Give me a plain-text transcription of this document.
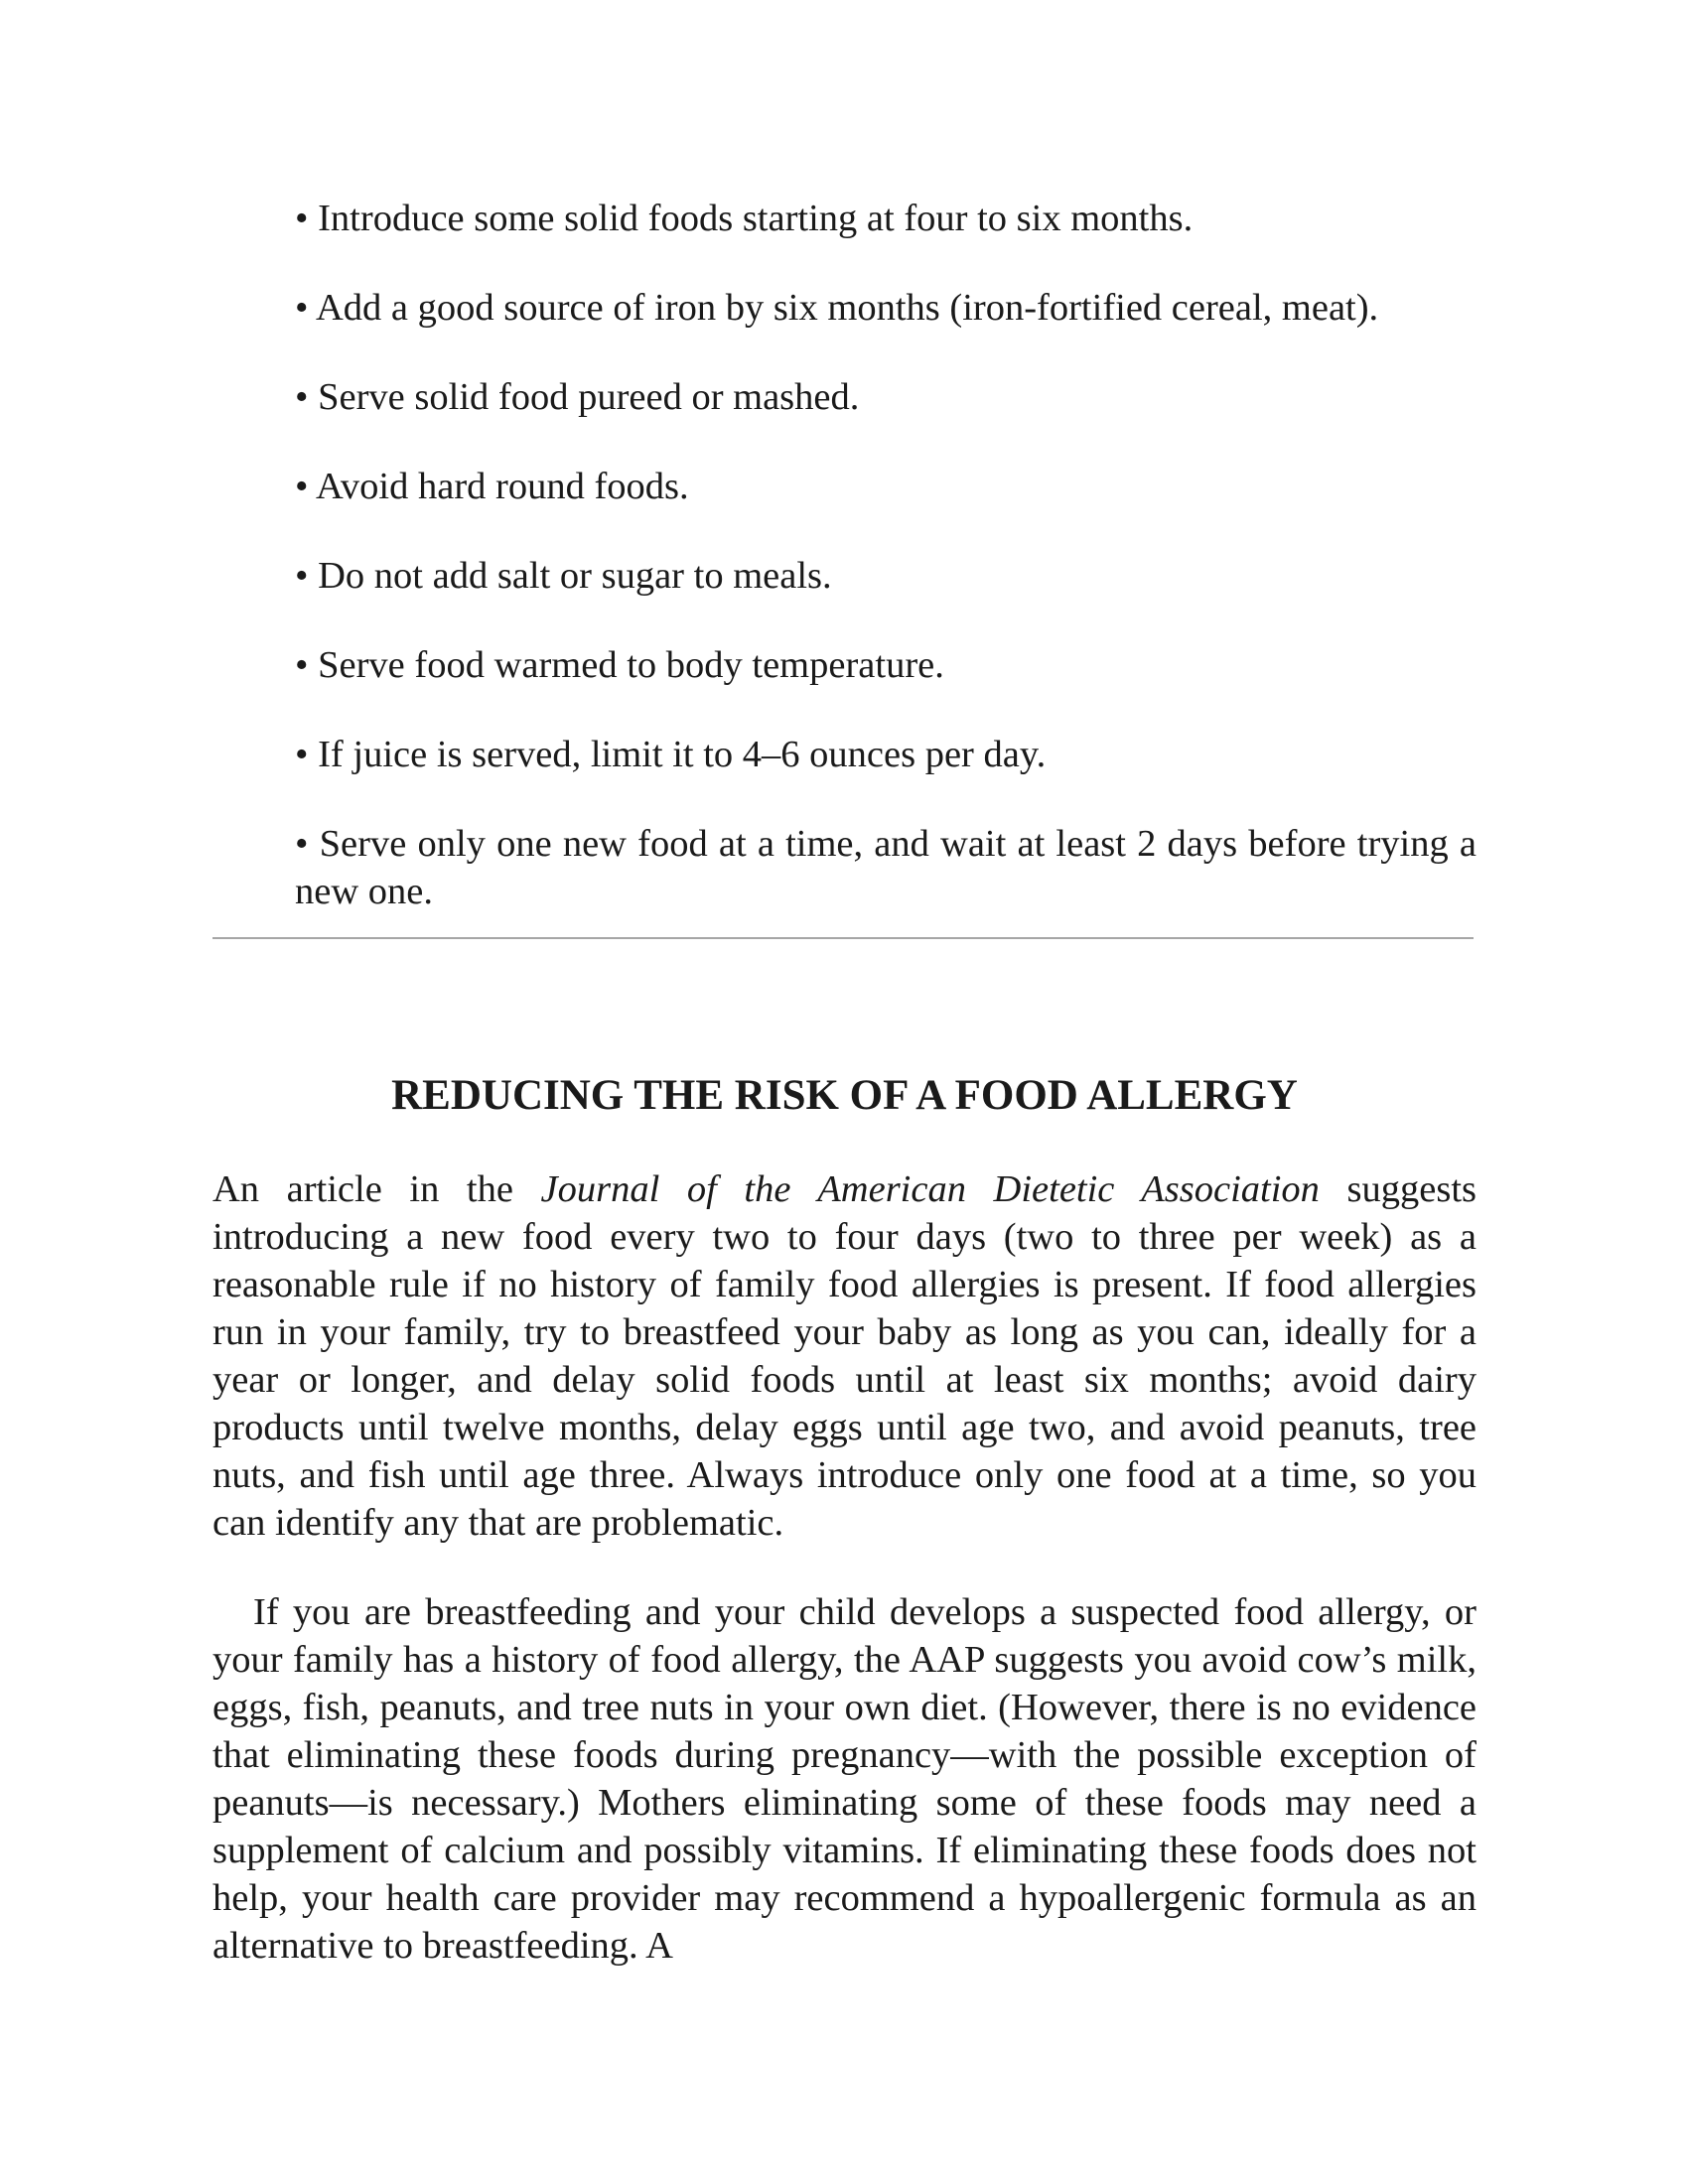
• Introduce some solid foods starting at four to six months.
• Add a good source of iron by six months (iron-fortified cereal, meat).
• Serve solid food pureed or mashed.
• Avoid hard round foods.
• Do not add salt or sugar to meals.
• Serve food warmed to body temperature.
• If juice is served, limit it to 4–6 ounces per day.
• Serve only one new food at a time, and wait at least 2 days before trying a new one.
REDUCING THE RISK OF A FOOD ALLERGY

An article in the Journal of the American Dietetic Association suggests introducing a new food every two to four days (two to three per week) as a reasonable rule if no history of family food allergies is present. If food allergies run in your family, try to breastfeed your baby as long as you can, ideally for a year or longer, and delay solid foods until at least six months; avoid dairy products until twelve months, delay eggs until age two, and avoid peanuts, tree nuts, and fish until age three. Always introduce only one food at a time, so you can identify any that are problematic.

If you are breastfeeding and your child develops a suspected food allergy, or your family has a history of food allergy, the AAP suggests you avoid cow’s milk, eggs, fish, peanuts, and tree nuts in your own diet. (However, there is no evidence that eliminating these foods during pregnancy—with the possible exception of peanuts—is necessary.) Mothers eliminating some of these foods may need a supplement of calcium and possibly vitamins. If eliminating these foods does not help, your health care provider may recommend a hypoallergenic formula as an alternative to breastfeeding. A
